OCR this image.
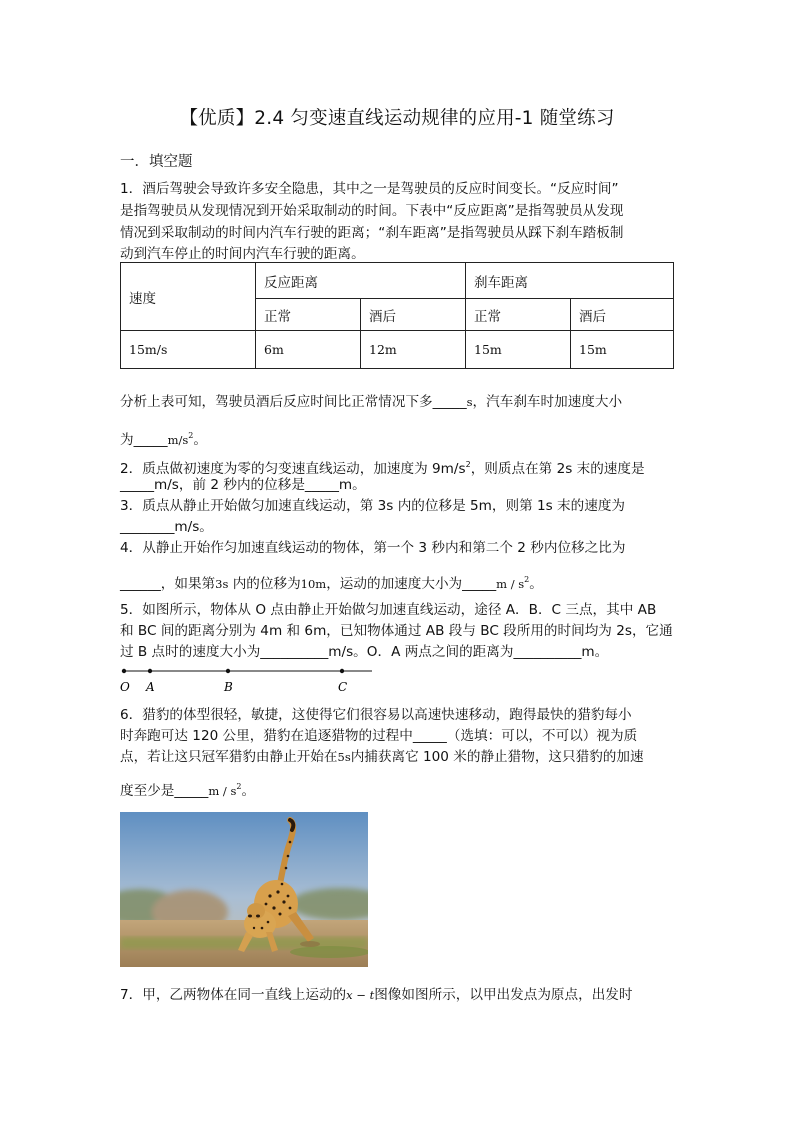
【优质】2.4 匀变速直线运动规律的应用-1 随堂练习
一．填空题
1．酒后驾驶会导致许多安全隐患，其中之一是驾驶员的反应时间变长。“反应时间”
是指驾驶员从发现情况到开始采取制动的时间。下表中“反应距离”是指驾驶员从发现
情况到采取制动的时间内汽车行驶的距离；“刹车距离”是指驾驶员从踩下刹车踏板制
动到汽车停止的时间内汽车行驶的距离。
速度	反应距离		刹车距离	
	正常	酒后	正常	酒后
15m/s	6m	12m	15m	15m
分析上表可知，驾驶员酒后反应时间比正常情况下多_____s，汽车刹车时加速度大小
为$\_\_\_\_\_m/s^2$。
2．质点做初速度为零的匀变速直线运动，加速度为 $9m/s^2$，则质点在第 2s 末的速度是
_____m/s，前 2 秒内的位移是_____m。
3．质点从静止开始做匀加速直线运动，第 3s 内的位移是 5m，则第 1s 末的速度为
________m/s。
4．从静止开始作匀加速直线运动的物体，第一个 3 秒内和第二个 2 秒内位移之比为
______，如果第3s 内的位移为10m，运动的加速度大小为_____m / $s^2$。
5．如图所示，物体从 O 点由静止开始做匀加速直线运动，途径 A．B．C 三点，其中 AB
和 BC 间的距离分别为 4m 和 6m，已知物体通过 AB 段与 BC 段所用的时间均为 2s，它通
过 B 点时的速度大小为__________m/s。O．A 两点之间的距离为__________m。
O A	B	C
6．猎豹的体型很轻，敏捷，这使得它们很容易以高速快速移动，跑得最快的猎豹每小
时奔跑可达 120 公里，猎豹在追逐猎物的过程中_____（选填：可以，不可以）视为质
点，若让这只冠军猎豹由静止开始在5s内捕获离它 100 米的静止猎物，这只猎豹的加速
度至少是_____m / $s^2$。
7．甲，乙两物体在同一直线上运动的x − t图像如图所示，以甲出发点为原点，出发时
